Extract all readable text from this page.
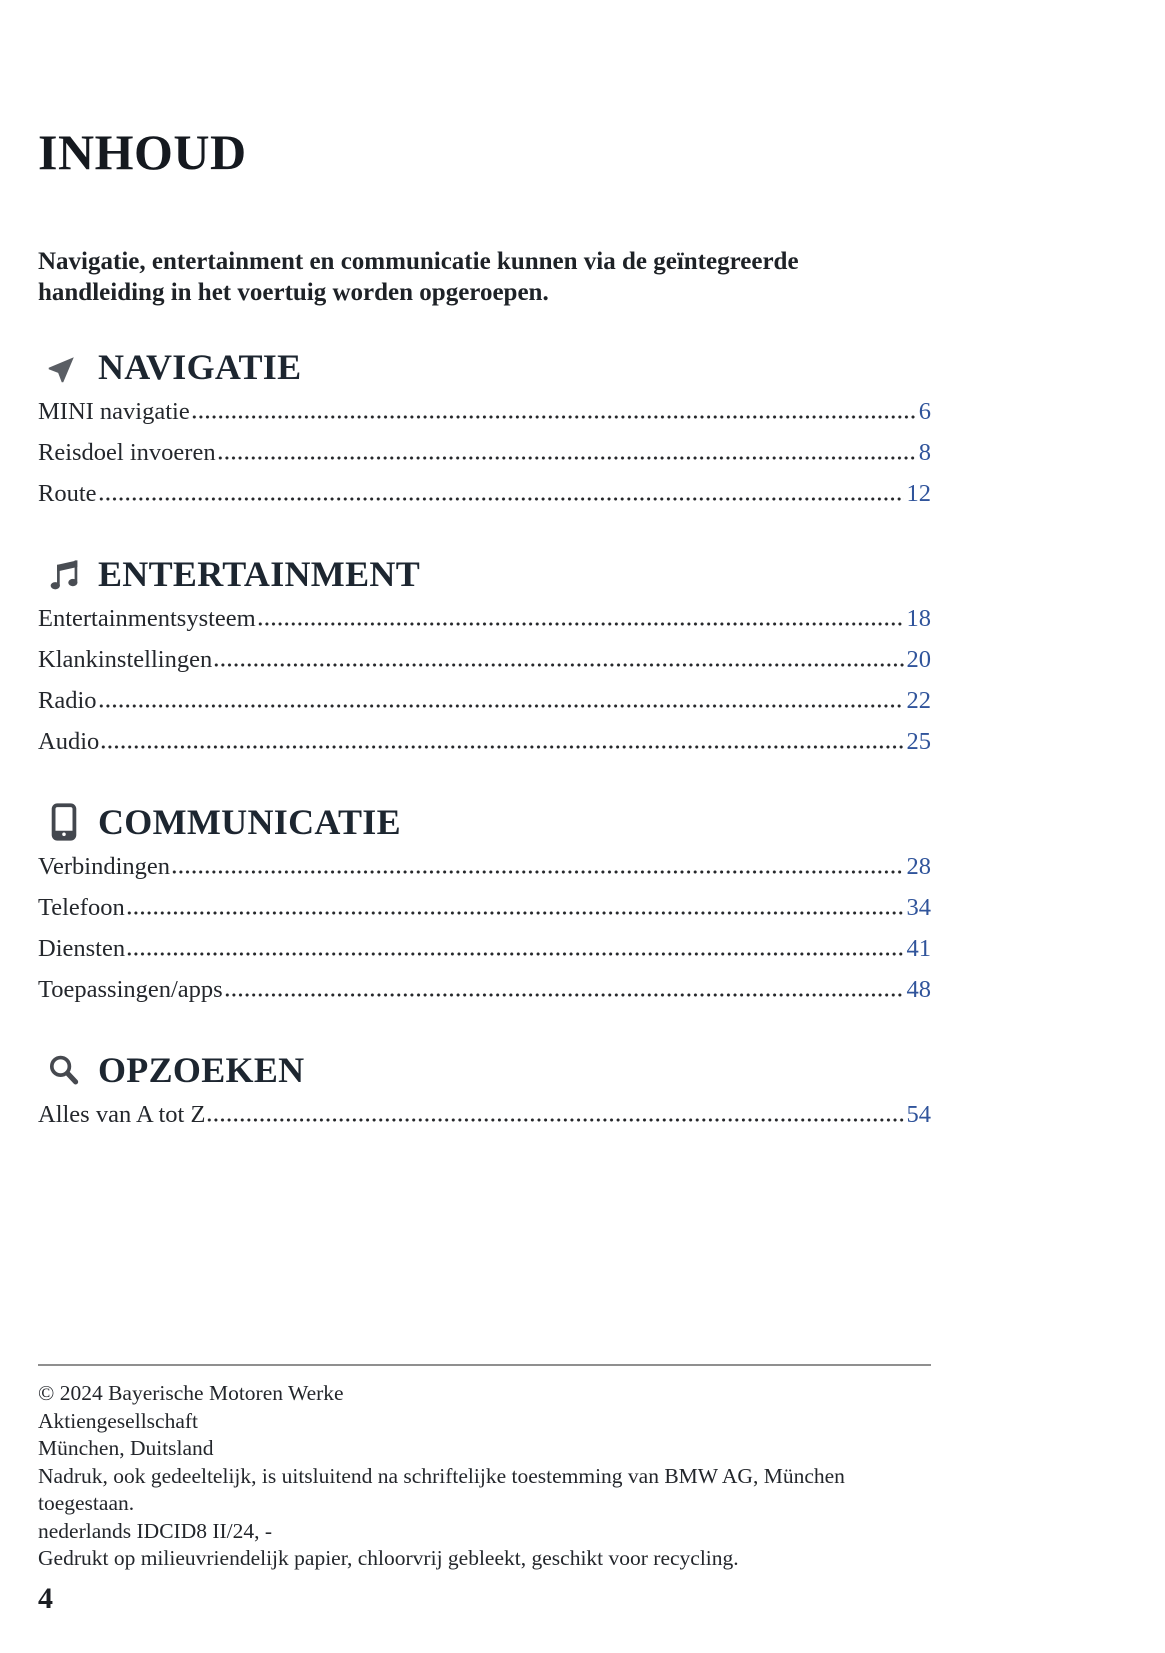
INHOUD

Navigatie, entertainment en communicatie kunnen via de geïntegreerde handleiding in het voertuig worden opgeroepen.

NAVIGATIE
MINI navigatie	6
Reisdoel invoeren	8
Route	12
ENTERTAINMENT
Entertainmentsysteem	18
Klankinstellingen	20
Radio	22
Audio	25
COMMUNICATIE
Verbindingen	28
Telefoon	34
Diensten	41
Toepassingen/apps	48
OPZOEKEN
Alles van A tot Z	54

© 2024 Bayerische Motoren Werke

Aktiengesellschaft

München, Duitsland

Nadruk, ook gedeeltelijk, is uitsluitend na schriftelijke toestemming van BMW AG, München toegestaan.

nederlands IDCID8 II/24, -

Gedrukt op milieuvriendelijk papier, chloorvrij gebleekt, geschikt voor recycling.

4
